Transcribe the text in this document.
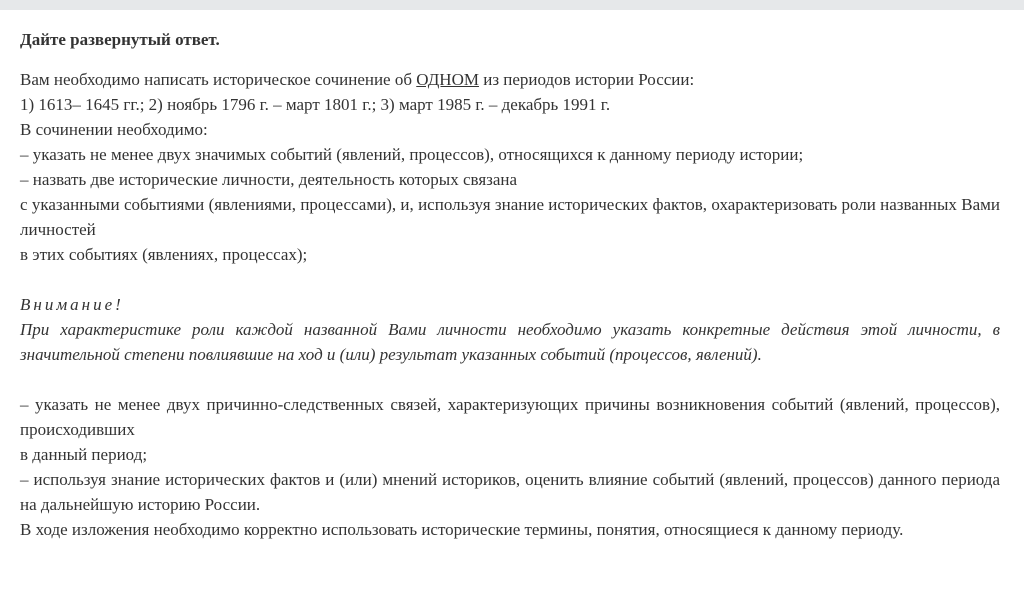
Дайте развернутый ответ.

Вам необходимо написать историческое сочинение об ОДНОМ из периодов истории России:

1) 1613– 1645 гг.; 2) ноябрь 1796 г. – март 1801 г.; 3) март 1985 г. – декабрь 1991 г.

В сочинении необходимо:

– указать не менее двух значимых событий (явлений, процессов), относящихся к данному периоду истории;

– назвать две исторические личности, деятельность которых связана

с указанными событиями (явлениями, процессами), и, используя знание исторических фактов, охарактеризовать роли названных Вами личностей

в этих событиях (явлениях, процессах);

Внимание!

При характеристике роли каждой названной Вами личности необходимо указать конкретные действия этой личности, в значительной степени повлиявшие на ход и (или) результат указанных событий (процессов, явлений).

– указать не менее двух причинно-следственных связей, характеризующих причины возникновения событий (явлений, процессов), происходивших

в данный период;

– используя знание исторических фактов и (или) мнений историков, оценить влияние событий (явлений, процессов) данного периода на дальнейшую историю России.

В ходе изложения необходимо корректно использовать исторические термины, понятия, относящиеся к данному периоду.
